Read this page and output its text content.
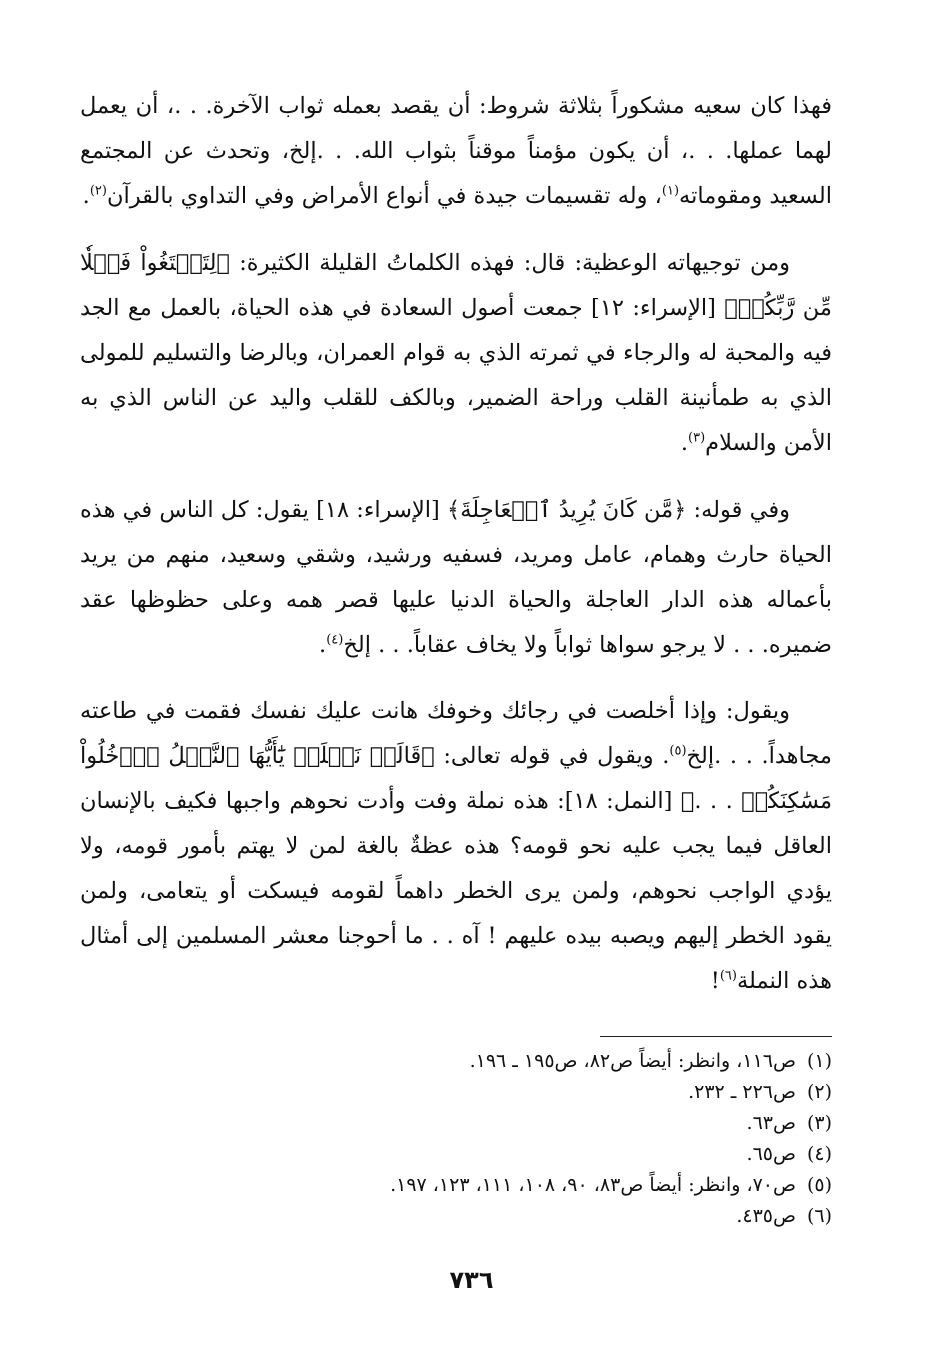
فهذا كان سعيه مشكوراً بثلاثة شروط: أن يقصد بعمله ثواب الآخرة. . .، أن يعمل لهما عملها. . .، أن يكون مؤمناً موقناً بثواب الله. . .إلخ، وتحدث عن المجتمع السعيد ومقوماته$^{(١)}$، وله تقسيمات جيدة في أنواع الأمراض وفي التداوي بالقرآن$^{(٢)}$.

ومن توجيهاته الوعظية: قال: فهذه الكلماتُ القليلة الكثيرة: ﴿لِتَبۡتَغُواْ فَضۡلٗا مِّن رَّبِّكُمۡ﴾ [الإسراء: ١٢] جمعت أصول السعادة في هذه الحياة، بالعمل مع الجد فيه والمحبة له والرجاء في ثمرته الذي به قوام العمران، وبالرضا والتسليم للمولى الذي به طمأنينة القلب وراحة الضمير، وبالكف للقلب واليد عن الناس الذي به الأمن والسلام$^{(٣)}$.

وفي قوله: ﴿مَّن كَانَ يُرِيدُ ٱلۡعَاجِلَةَ﴾ [الإسراء: ١٨] يقول: كل الناس في هذه الحياة حارث وهمام، عامل ومريد، فسفيه ورشيد، وشقي وسعيد، منهم من يريد بأعماله هذه الدار العاجلة والحياة الدنيا عليها قصر همه وعلى حظوظها عقد ضميره. . . لا يرجو سواها ثواباً ولا يخاف عقاباً. . . إلخ$^{(٤)}$.

ويقول: وإذا أخلصت في رجائك وخوفك هانت عليك نفسك فقمت في طاعته مجاهداً. . . .إلخ$^{(٥)}$. ويقول في قوله تعالى: ﴿قَالَتۡ نَمۡلَةٞ يَٰٓأَيُّهَا ٱلنَّمۡلُ ٱدۡخُلُواْ مَسَٰكِنَكُمۡ . . .﴾ [النمل: ١٨]: هذه نملة وفت وأدت نحوهم واجبها فكيف بالإنسان العاقل فيما يجب عليه نحو قومه؟ هذه عظةٌ بالغة لمن لا يهتم بأمور قومه، ولا يؤدي الواجب نحوهم، ولمن يرى الخطر داهماً لقومه فيسكت أو يتعامى، ولمن يقود الخطر إليهم ويصبه بيده عليهم ! آه . . ما أحوجنا معشر المسلمين إلى أمثال هذه النملة$^{(٦)}$!

(١)ص١١٦، وانظر: أيضاً ص٨٢، ص١٩٥ ـ ١٩٦.
(٢)ص٢٢٦ ـ ٢٣٢.
(٣)ص٦٣.
(٤)ص٦٥.
(٥)ص٧٠، وانظر: أيضاً ص٨٣، ٩٠، ١٠٨، ١١١، ١٢٣، ١٩٧.
(٦)ص٤٣٥.
٧٣٦
